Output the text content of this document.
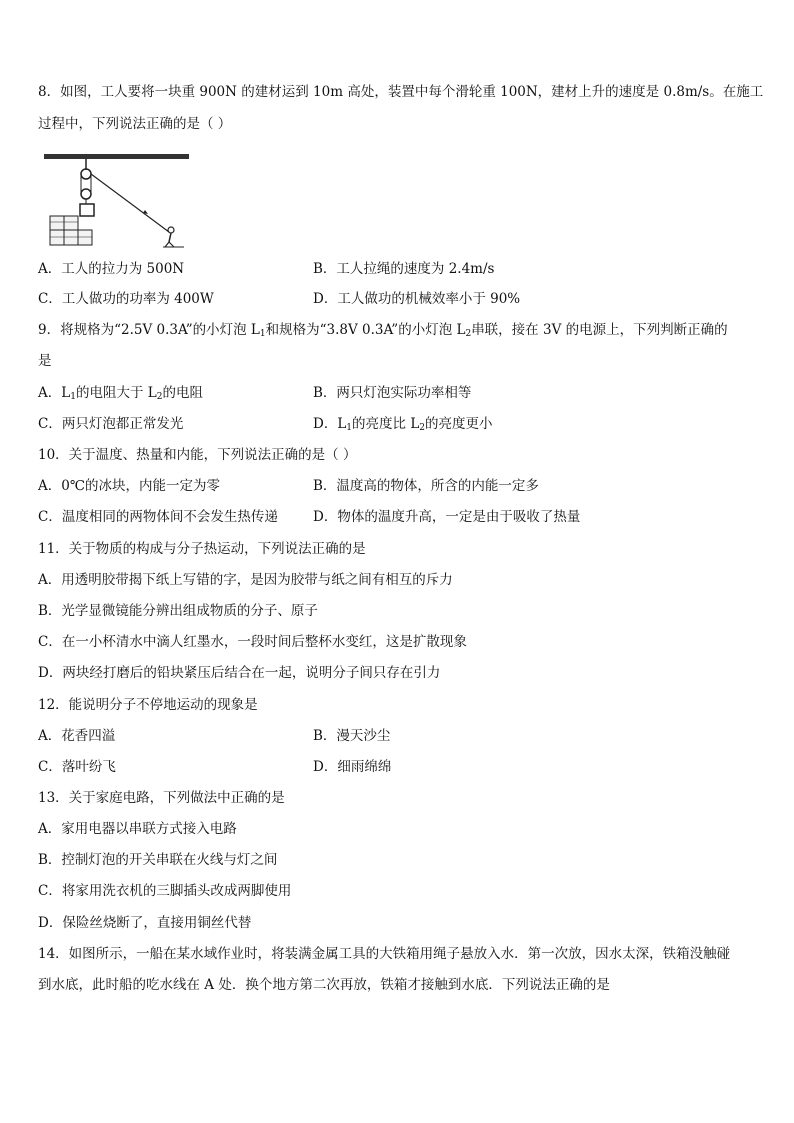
8．如图，工人要将一块重 900N 的建材运到 10m 高处，装置中每个滑轮重 100N，建材上升的速度是 0.8m/s。在施工
过程中，下列说法正确的是（ ）
A．工人的拉力为 500N	B．工人拉绳的速度为 2.4m/s
C．工人做功的功率为 400W	D．工人做功的机械效率小于 90%
9．将规格为“2.5V 0.3A”的小灯泡 $L_1$和规格为“3.8V 0.3A”的小灯泡 $L_2$串联，接在 3V 的电源上，下列判断正确的
是
A．$L_1$的电阻大于 $L_2$的电阻	B．两只灯泡实际功率相等
C．两只灯泡都正常发光	D．$L_1$的亮度比 $L_2$的亮度更小
10．关于温度、热量和内能，下列说法正确的是（ ）
A．0℃的冰块，内能一定为零	B．温度高的物体，所含的内能一定多
C．温度相同的两物体间不会发生热传递	D．物体的温度升高，一定是由于吸收了热量
11．关于物质的构成与分子热运动，下列说法正确的是
A．用透明胶带揭下纸上写错的字，是因为胶带与纸之间有相互的斥力
B．光学显微镜能分辨出组成物质的分子、原子
C．在一小杯清水中滴人红墨水，一段时间后整杯水变红，这是扩散现象
D．两块经打磨后的铅块紧压后结合在一起，说明分子间只存在引力
12．能说明分子不停地运动的现象是
A．花香四溢	B．漫天沙尘
C．落叶纷飞	D．细雨绵绵
13．关于家庭电路，下列做法中正确的是
A．家用电器以串联方式接入电路
B．控制灯泡的开关串联在火线与灯之间
C．将家用洗衣机的三脚插头改成两脚使用
D．保险丝烧断了，直接用铜丝代替
14．如图所示，一船在某水域作业时，将装满金属工具的大铁箱用绳子悬放入水．第一次放，因水太深，铁箱没触碰
到水底，此时船的吃水线在 A 处．换个地方第二次再放，铁箱才接触到水底．下列说法正确的是
